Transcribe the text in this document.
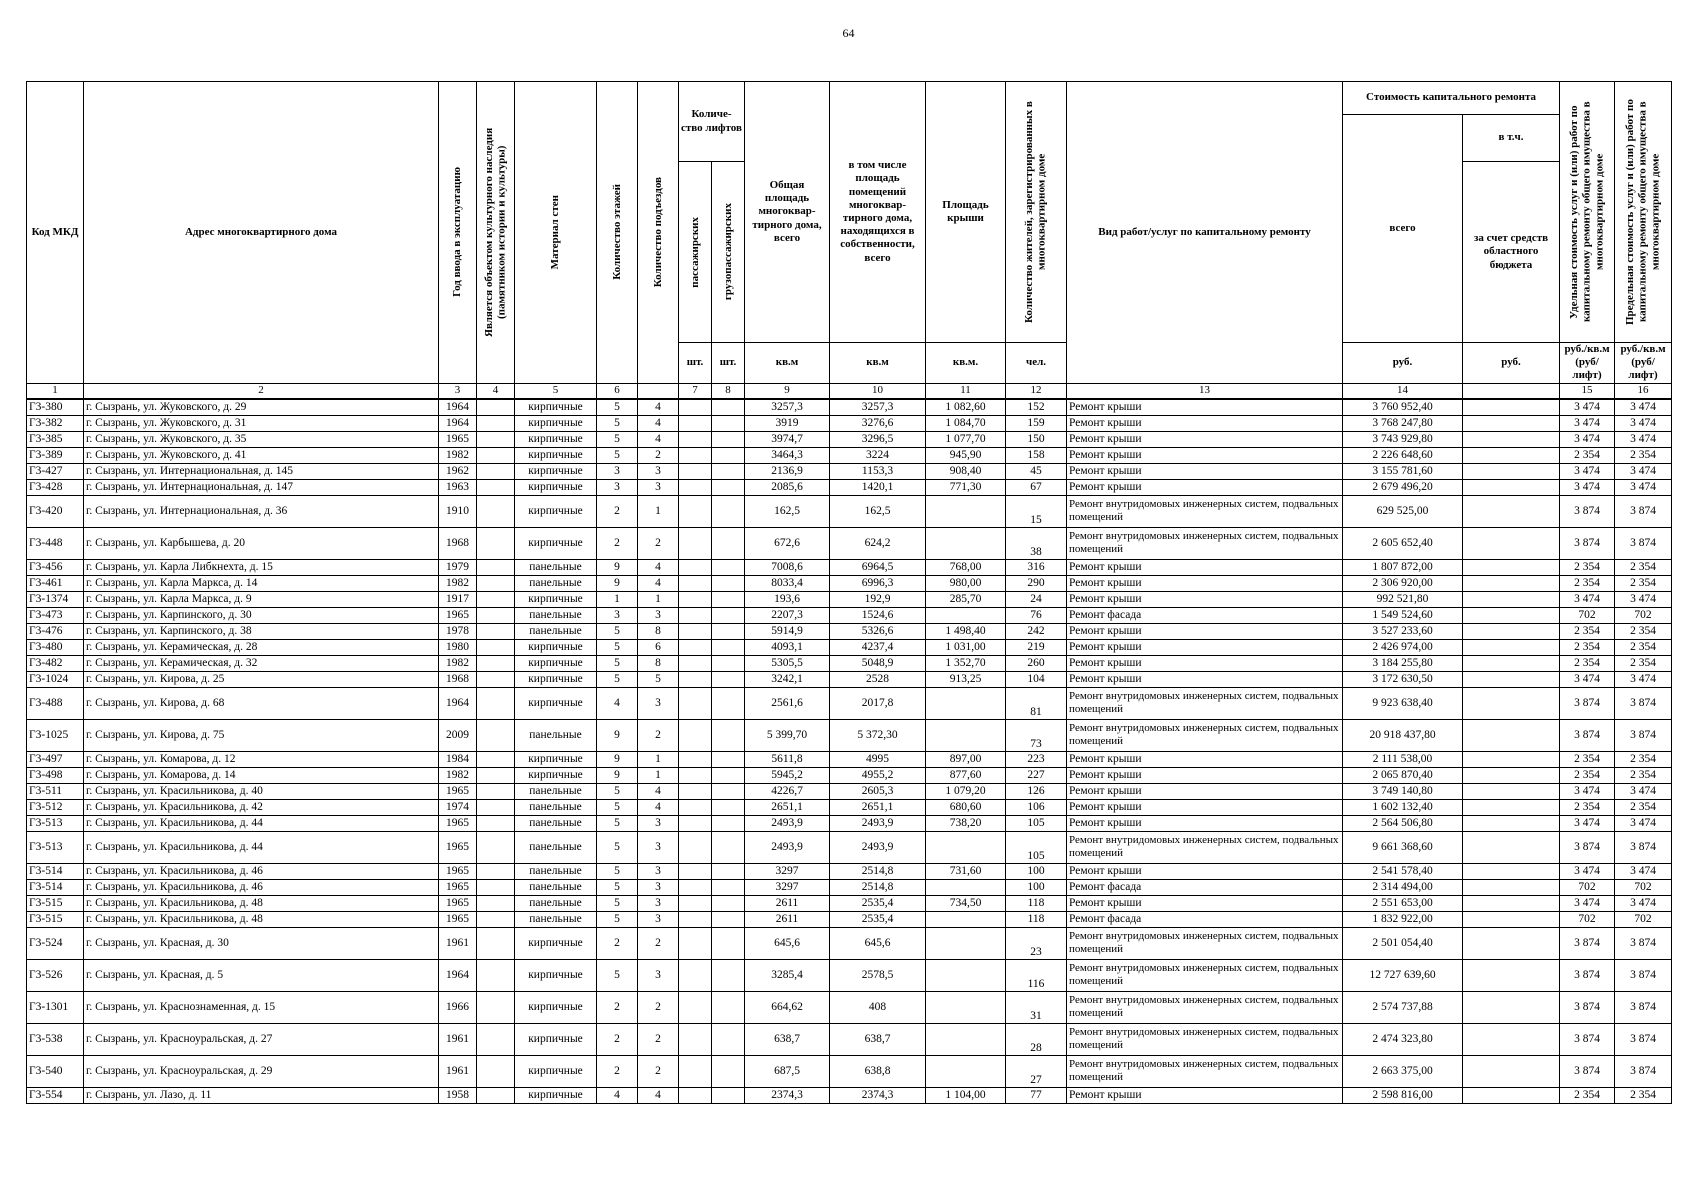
64
Код МКД	Адрес многоквартирного дома	Год ввода в эксплуатацию	Является объектом культурного наследия (памятником истории и культуры)	Материал стен	Количество этажей	Количество подъездов	Количе-ство лифтов		Общая площадь многоквар-тирного дома, всего	в том числе площадь помещений многоквар-тирного дома, находящихся в собственности, всего	Площадь крыши	Количество жителей, зарегистрированных в многоквартирном доме	Вид работ/услуг по капитальному ремонту	Стоимость капитального ремонта		Удельная стоимость услуг и (или) работ по капитальному ремонту общего имущества в многоквартирном доме	Предельная стоимость услуг и (или) работ по капитальному ремонту общего имущества в многоквартирном доме

														всего	в т.ч.		

							пассажирских	грузопассажирских							за счет средств областного бюджета		
							шт.	шт.	кв.м	кв.м	кв.м.	чел.		руб.	руб.	руб./кв.м (руб/лифт)	руб./кв.м (руб/лифт)
1	2	3	4	5	6		7	8	9	10	11	12	13	14		15	16
Г3-380	г. Сызрань, ул. Жуковского, д. 29	1964		кирпичные	5	4			3257,3	3257,3	1 082,60	152	Ремонт крыши	3 760 952,40		3 474	3 474
Г3-382	г. Сызрань, ул. Жуковского, д. 31	1964		кирпичные	5	4			3919	3276,6	1 084,70	159	Ремонт крыши	3 768 247,80		3 474	3 474
Г3-385	г. Сызрань, ул. Жуковского, д. 35	1965		кирпичные	5	4			3974,7	3296,5	1 077,70	150	Ремонт крыши	3 743 929,80		3 474	3 474
Г3-389	г. Сызрань, ул. Жуковского, д. 41	1982		кирпичные	5	2			3464,3	3224	945,90	158	Ремонт крыши	2 226 648,60		2 354	2 354
Г3-427	г. Сызрань, ул. Интернациональная, д. 145	1962		кирпичные	3	3			2136,9	1153,3	908,40	45	Ремонт крыши	3 155 781,60		3 474	3 474
Г3-428	г. Сызрань, ул. Интернациональная, д. 147	1963		кирпичные	3	3			2085,6	1420,1	771,30	67	Ремонт крыши	2 679 496,20		3 474	3 474
Г3-420	г. Сызрань, ул. Интернациональная, д. 36	1910		кирпичные	2	1			162,5	162,5		15	Ремонт внутридомовых инженерных систем, подвальных помещений	629 525,00		3 874	3 874
Г3-448	г. Сызрань, ул. Карбышева, д. 20	1968		кирпичные	2	2			672,6	624,2		38	Ремонт внутридомовых инженерных систем, подвальных помещений	2 605 652,40		3 874	3 874
Г3-456	г. Сызрань, ул. Карла Либкнехта, д. 15	1979		панельные	9	4			7008,6	6964,5	768,00	316	Ремонт крыши	1 807 872,00		2 354	2 354
Г3-461	г. Сызрань, ул. Карла Маркса, д. 14	1982		панельные	9	4			8033,4	6996,3	980,00	290	Ремонт крыши	2 306 920,00		2 354	2 354
Г3-1374	г. Сызрань, ул. Карла Маркса, д. 9	1917		кирпичные	1	1			193,6	192,9	285,70	24	Ремонт крыши	992 521,80		3 474	3 474
Г3-473	г. Сызрань, ул. Карпинского, д. 30	1965		панельные	3	3			2207,3	1524,6		76	Ремонт фасада	1 549 524,60		702	702
Г3-476	г. Сызрань, ул. Карпинского, д. 38	1978		панельные	5	8			5914,9	5326,6	1 498,40	242	Ремонт крыши	3 527 233,60		2 354	2 354
Г3-480	г. Сызрань, ул. Керамическая, д. 28	1980		кирпичные	5	6			4093,1	4237,4	1 031,00	219	Ремонт крыши	2 426 974,00		2 354	2 354
Г3-482	г. Сызрань, ул. Керамическая, д. 32	1982		кирпичные	5	8			5305,5	5048,9	1 352,70	260	Ремонт крыши	3 184 255,80		2 354	2 354
Г3-1024	г. Сызрань, ул. Кирова, д. 25	1968		кирпичные	5	5			3242,1	2528	913,25	104	Ремонт крыши	3 172 630,50		3 474	3 474
Г3-488	г. Сызрань, ул. Кирова, д. 68	1964		кирпичные	4	3			2561,6	2017,8		81	Ремонт внутридомовых инженерных систем, подвальных помещений	9 923 638,40		3 874	3 874
Г3-1025	г. Сызрань, ул. Кирова, д. 75	2009		панельные	9	2			5 399,70	5 372,30		73	Ремонт внутридомовых инженерных систем, подвальных помещений	20 918 437,80		3 874	3 874
Г3-497	г. Сызрань, ул. Комарова, д. 12	1984		кирпичные	9	1			5611,8	4995	897,00	223	Ремонт крыши	2 111 538,00		2 354	2 354
Г3-498	г. Сызрань, ул. Комарова, д. 14	1982		кирпичные	9	1			5945,2	4955,2	877,60	227	Ремонт крыши	2 065 870,40		2 354	2 354
Г3-511	г. Сызрань, ул. Красильникова, д. 40	1965		панельные	5	4			4226,7	2605,3	1 079,20	126	Ремонт крыши	3 749 140,80		3 474	3 474
Г3-512	г. Сызрань, ул. Красильникова, д. 42	1974		панельные	5	4			2651,1	2651,1	680,60	106	Ремонт крыши	1 602 132,40		2 354	2 354
Г3-513	г. Сызрань, ул. Красильникова, д. 44	1965		панельные	5	3			2493,9	2493,9	738,20	105	Ремонт крыши	2 564 506,80		3 474	3 474
Г3-513	г. Сызрань, ул. Красильникова, д. 44	1965		панельные	5	3			2493,9	2493,9		105	Ремонт внутридомовых инженерных систем, подвальных помещений	9 661 368,60		3 874	3 874
Г3-514	г. Сызрань, ул. Красильникова, д. 46	1965		панельные	5	3			3297	2514,8	731,60	100	Ремонт крыши	2 541 578,40		3 474	3 474
Г3-514	г. Сызрань, ул. Красильникова, д. 46	1965		панельные	5	3			3297	2514,8		100	Ремонт фасада	2 314 494,00		702	702
Г3-515	г. Сызрань, ул. Красильникова, д. 48	1965		панельные	5	3			2611	2535,4	734,50	118	Ремонт крыши	2 551 653,00		3 474	3 474
Г3-515	г. Сызрань, ул. Красильникова, д. 48	1965		панельные	5	3			2611	2535,4		118	Ремонт фасада	1 832 922,00		702	702
Г3-524	г. Сызрань, ул. Красная, д. 30	1961		кирпичные	2	2			645,6	645,6		23	Ремонт внутридомовых инженерных систем, подвальных помещений	2 501 054,40		3 874	3 874
Г3-526	г. Сызрань, ул. Красная, д. 5	1964		кирпичные	5	3			3285,4	2578,5		116	Ремонт внутридомовых инженерных систем, подвальных помещений	12 727 639,60		3 874	3 874
Г3-1301	г. Сызрань, ул. Краснознаменная, д. 15	1966		кирпичные	2	2			664,62	408		31	Ремонт внутридомовых инженерных систем, подвальных помещений	2 574 737,88		3 874	3 874
Г3-538	г. Сызрань, ул. Красноуральская, д. 27	1961		кирпичные	2	2			638,7	638,7		28	Ремонт внутридомовых инженерных систем, подвальных помещений	2 474 323,80		3 874	3 874
Г3-540	г. Сызрань, ул. Красноуральская, д. 29	1961		кирпичные	2	2			687,5	638,8		27	Ремонт внутридомовых инженерных систем, подвальных помещений	2 663 375,00		3 874	3 874
Г3-554	г. Сызрань, ул. Лазо, д. 11	1958		кирпичные	4	4			2374,3	2374,3	1 104,00	77	Ремонт крыши	2 598 816,00		2 354	2 354
